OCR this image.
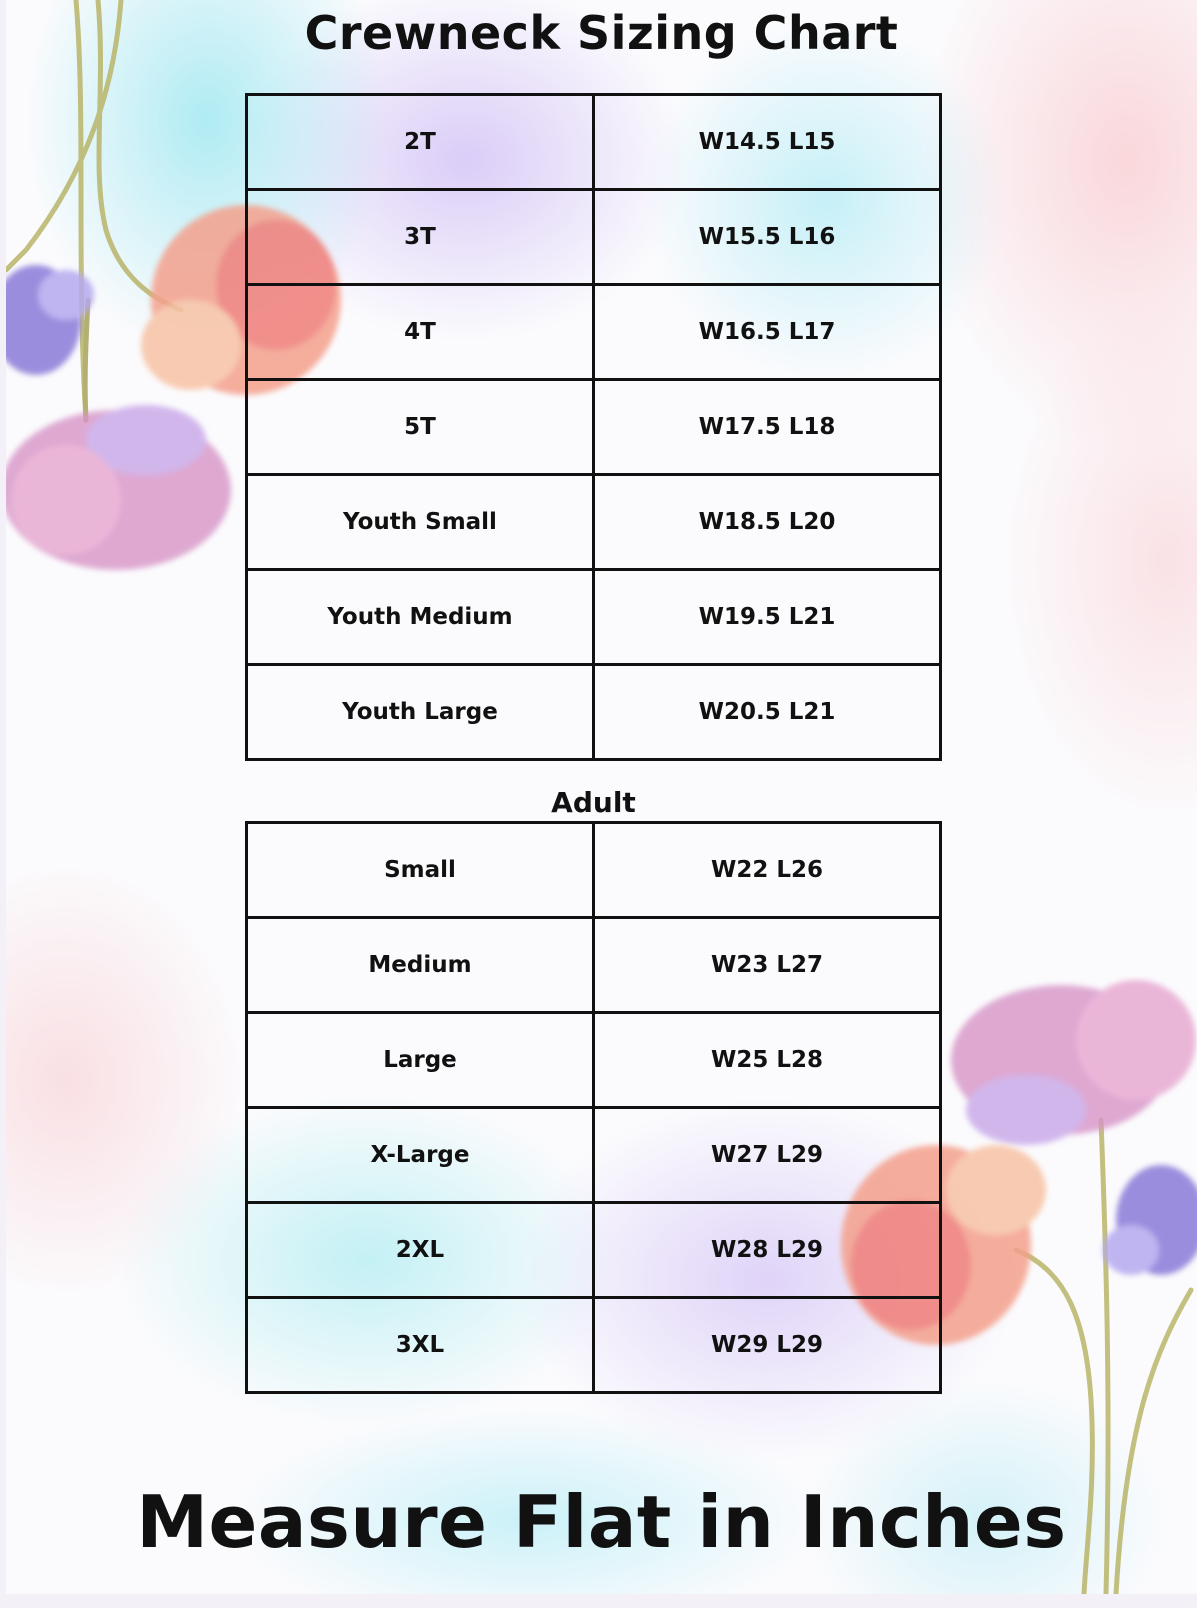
Crewneck Sizing Chart
2T	W14.5 L15
3T	W15.5 L16
4T	W16.5 L17
5T	W17.5 L18
Youth Small	W18.5 L20
Youth Medium	W19.5 L21
Youth Large	W20.5 L21
Adult
Small	W22 L26
Medium	W23 L27
Large	W25 L28
X-Large	W27 L29
2XL	W28 L29
3XL	W29 L29
Measure Flat in Inches
